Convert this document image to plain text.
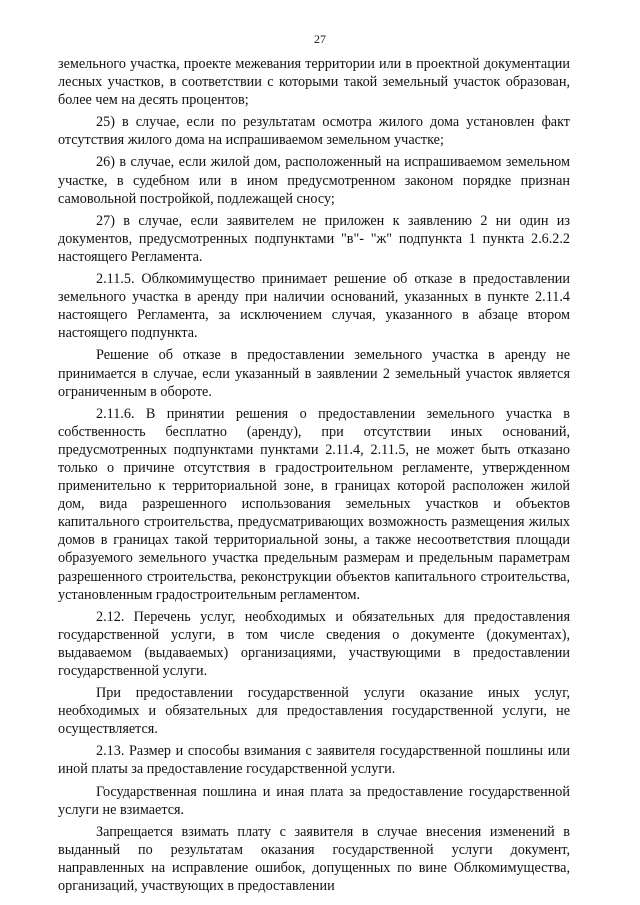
27

земельного участка, проекте межевания территории или в проектной документации лесных участков, в соответствии с которыми такой земельный участок образован, более чем на десять процентов;

25) в случае, если по результатам осмотра жилого дома установлен факт отсутствия жилого дома на испрашиваемом земельном участке;

26) в случае, если жилой дом, расположенный на испрашиваемом земельном участке, в судебном или в ином предусмотренном законом порядке признан самовольной постройкой, подлежащей сносу;

27) в случае, если заявителем не приложен к заявлению 2 ни один из документов, предусмотренных подпунктами "в"- "ж" подпункта 1 пункта 2.6.2.2 настоящего Регламента.

2.11.5. Облкомимущество принимает решение об отказе в предоставлении земельного участка в аренду при наличии оснований, указанных в пункте 2.11.4 настоящего Регламента, за исключением случая, указанного в абзаце втором настоящего подпункта.

Решение об отказе в предоставлении земельного участка в аренду не принимается в случае, если указанный в заявлении 2 земельный участок является ограниченным в обороте.

2.11.6. В принятии решения о предоставлении земельного участка в собственность бесплатно (аренду), при отсутствии иных оснований, предусмотренных подпунктами пунктами 2.11.4, 2.11.5, не может быть отказано только о причине отсутствия в градостроительном регламенте, утвержденном применительно к территориальной зоне, в границах которой расположен жилой дом, вида разрешенного использования земельных участков и объектов капитального строительства, предусматривающих возможность размещения жилых домов в границах такой территориальной зоны, а также несоответствия площади образуемого земельного участка предельным размерам и предельным параметрам разрешенного строительства, реконструкции объектов капитального строительства, установленным градостроительным регламентом.

2.12. Перечень услуг, необходимых и обязательных для предоставления государственной услуги, в том числе сведения о документе (документах), выдаваемом (выдаваемых) организациями, участвующими в предоставлении государственной услуги.

При предоставлении государственной услуги оказание иных услуг, необходимых и обязательных для предоставления государственной услуги, не осуществляется.

2.13. Размер и способы взимания с заявителя государственной пошлины или иной платы за предоставление государственной услуги.

Государственная пошлина и иная плата за предоставление государственной услуги не взимается.

Запрещается взимать плату с заявителя в случае внесения изменений в выданный по результатам оказания государственной услуги документ, направленных на исправление ошибок, допущенных по вине Облкомимущества, организаций, участвующих в предоставлении
